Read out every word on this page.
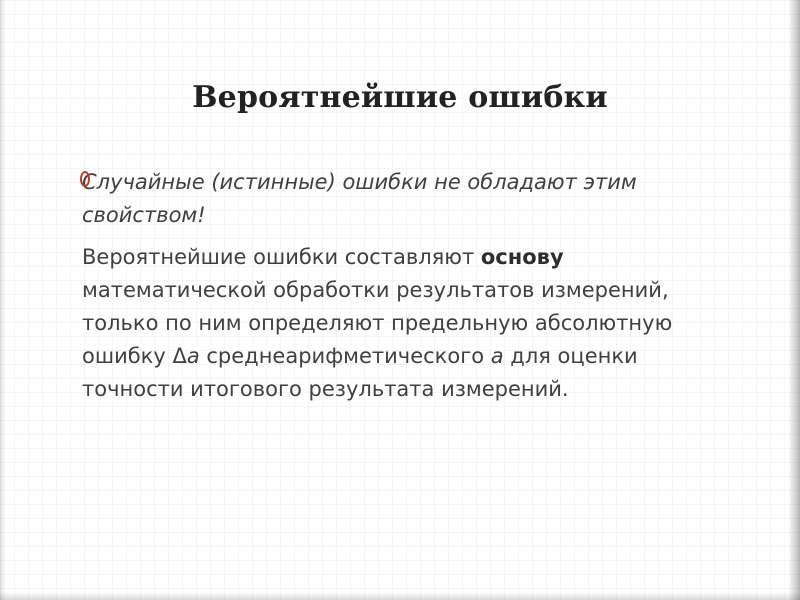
Вероятнейшие ошибки

Случайные (истинные) ошибки не обладают этим свойством!

Вероятнейшие ошибки составляют основу математической обработки результатов измерений, только по ним определяют предельную абсолютную ошибку Δa среднеарифметического a для оценки точности итогового результата измерений.
